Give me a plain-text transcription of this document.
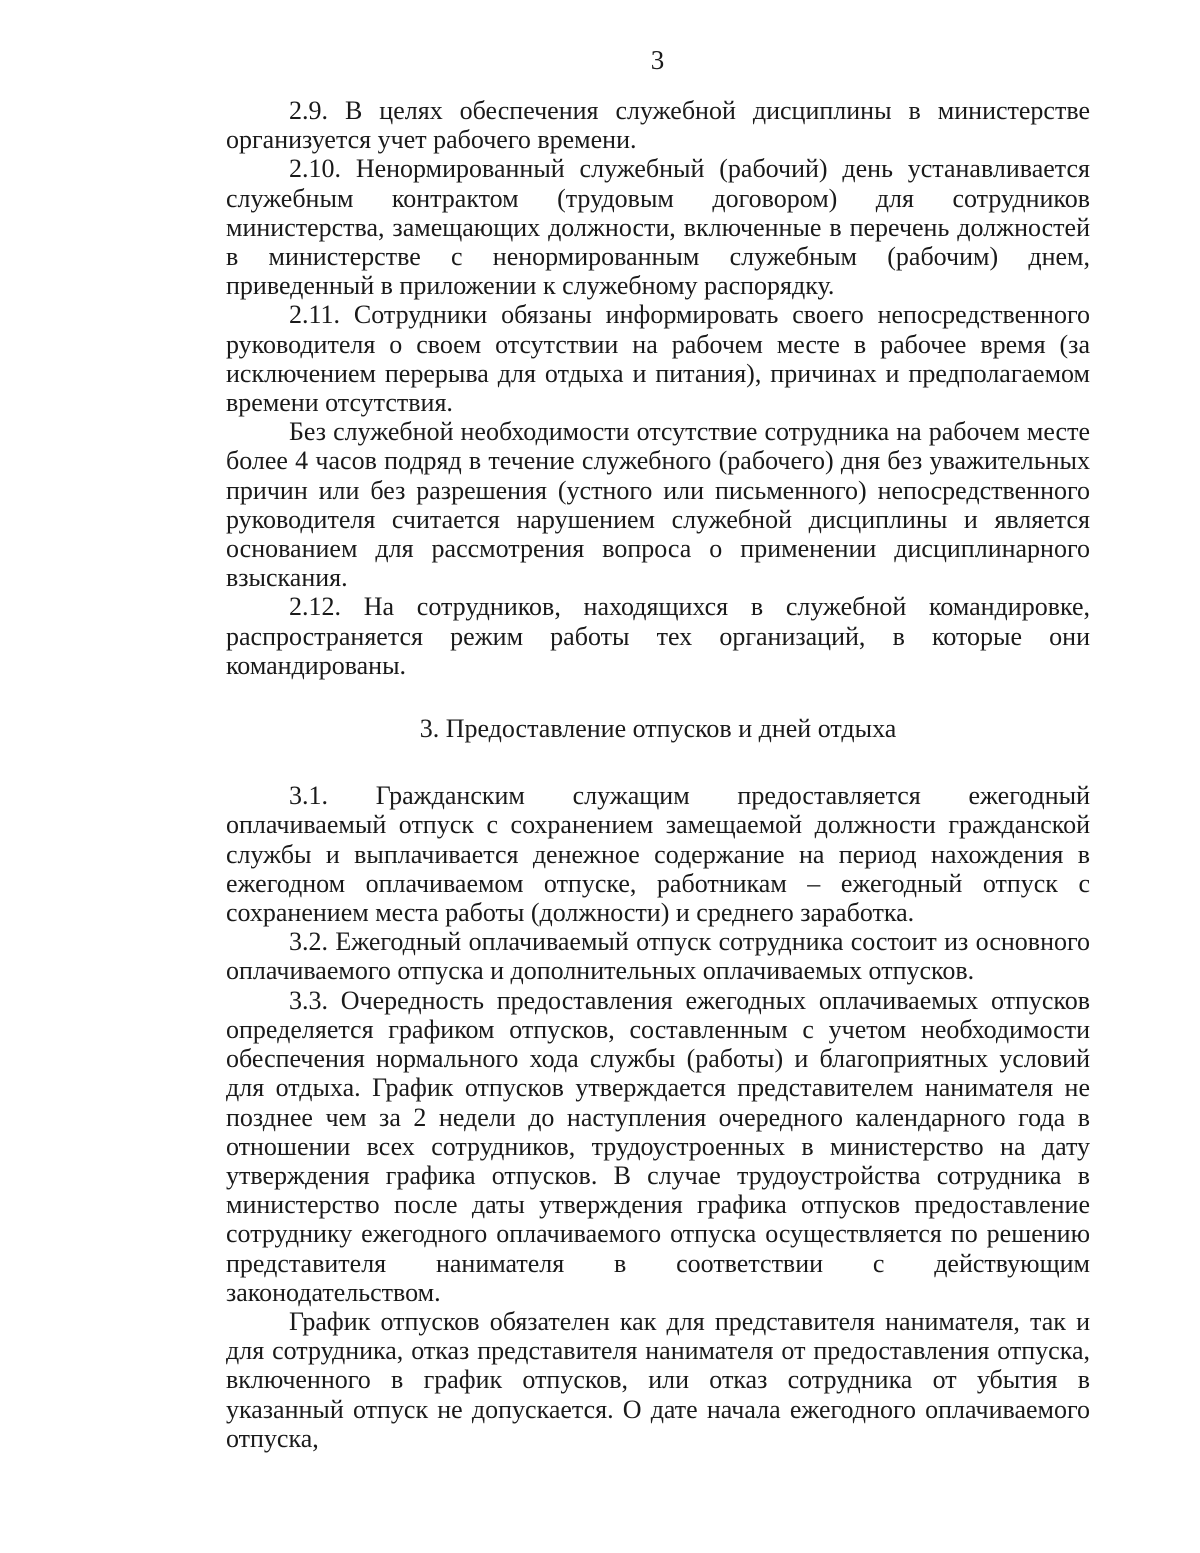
3

2.9. В целях обеспечения служебной дисциплины в министерстве организуется учет рабочего времени.

2.10. Ненормированный служебный (рабочий) день устанавливается служебным контрактом (трудовым договором) для сотрудников министерства, замещающих должности, включенные в перечень должностей в министерстве с ненормированным служебным (рабочим) днем, приведенный в приложении к служебному распорядку.

2.11. Сотрудники обязаны информировать своего непосредственного руководителя о своем отсутствии на рабочем месте в рабочее время (за исключением перерыва для отдыха и питания), причинах и предполагаемом времени отсутствия.

Без служебной необходимости отсутствие сотрудника на рабочем месте более 4 часов подряд в течение служебного (рабочего) дня без уважительных причин или без разрешения (устного или письменного) непосредственного руководителя считается нарушением служебной дисциплины и является основанием для рассмотрения вопроса о применении дисциплинарного взыскания.

2.12. На сотрудников, находящихся в служебной командировке, распространяется режим работы тех организаций, в которые они командированы.

3. Предоставление отпусков и дней отдыха

3.1. Гражданским служащим предоставляется ежегодный оплачиваемый отпуск с сохранением замещаемой должности гражданской службы и выплачивается денежное содержание на период нахождения в ежегодном оплачиваемом отпуске, работникам – ежегодный отпуск с сохранением места работы (должности) и среднего заработка.

3.2. Ежегодный оплачиваемый отпуск сотрудника состоит из основного оплачиваемого отпуска и дополнительных оплачиваемых отпусков.

3.3. Очередность предоставления ежегодных оплачиваемых отпусков определяется графиком отпусков, составленным с учетом необходимости обеспечения нормального хода службы (работы) и благоприятных условий для отдыха. График отпусков утверждается представителем нанимателя не позднее чем за 2 недели до наступления очередного календарного года в отношении всех сотрудников, трудоустроенных в министерство на дату утверждения графика отпусков. В случае трудоустройства сотрудника в министерство после даты утверждения графика отпусков предоставление сотруднику ежегодного оплачиваемого отпуска осуществляется по решению представителя нанимателя в соответствии с действующим законодательством.

График отпусков обязателен как для представителя нанимателя, так и для сотрудника, отказ представителя нанимателя от предоставления отпуска, включенного в график отпусков, или отказ сотрудника от убытия в указанный отпуск не допускается. О дате начала ежегодного оплачиваемого отпуска,
